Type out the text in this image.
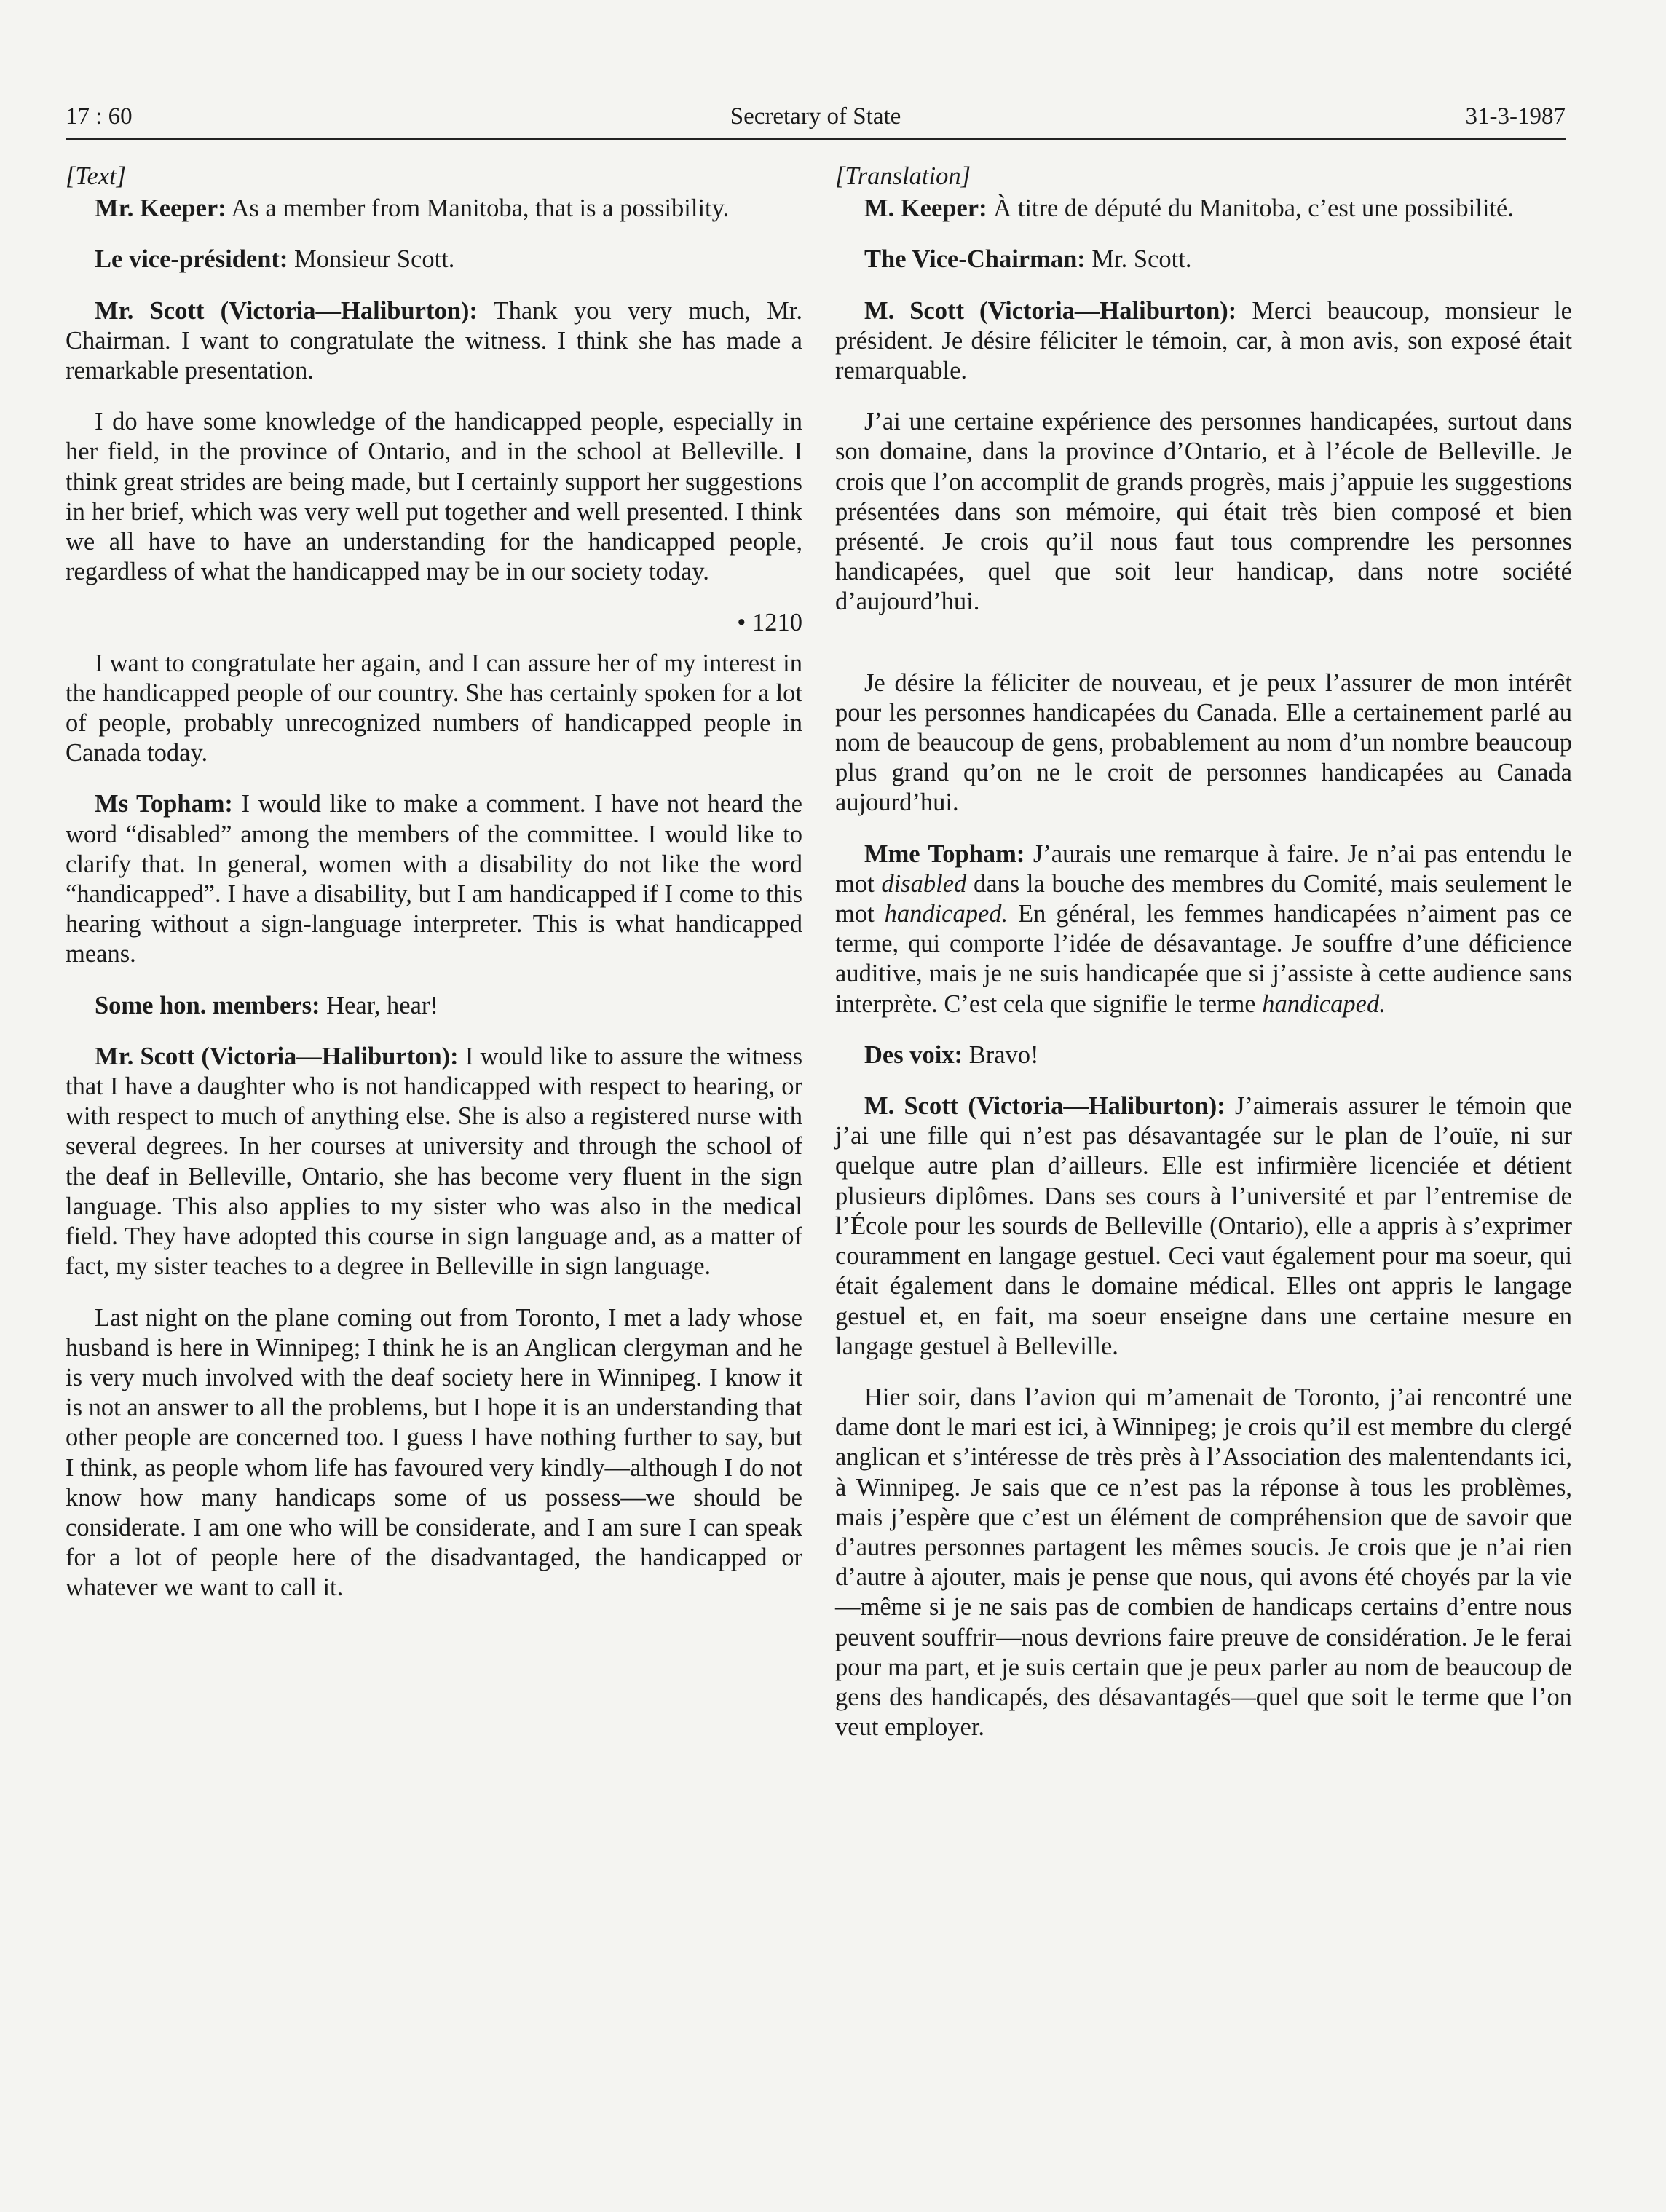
17 : 60	Secretary of State	31-3-1987

[Text]

Mr. Keeper: As a member from Manitoba, that is a possibility.

Le vice-président: Monsieur Scott.

Mr. Scott (Victoria—Haliburton): Thank you very much, Mr. Chairman. I want to congratulate the witness. I think she has made a remarkable presentation.

I do have some knowledge of the handicapped people, especially in her field, in the province of Ontario, and in the school at Belleville. I think great strides are being made, but I certainly support her suggestions in her brief, which was very well put together and well presented. I think we all have to have an understanding for the handicapped people, regardless of what the handicapped may be in our society today.

• 1210

I want to congratulate her again, and I can assure her of my interest in the handicapped people of our country. She has certainly spoken for a lot of people, probably unrecognized numbers of handicapped people in Canada today.

Ms Topham: I would like to make a comment. I have not heard the word “disabled” among the members of the committee. I would like to clarify that. In general, women with a disability do not like the word “handicapped”. I have a disability, but I am handicapped if I come to this hearing without a sign-language interpreter. This is what handicapped means.

Some hon. members: Hear, hear!

Mr. Scott (Victoria—Haliburton): I would like to assure the witness that I have a daughter who is not handicapped with respect to hearing, or with respect to much of anything else. She is also a registered nurse with several degrees. In her courses at university and through the school of the deaf in Belleville, Ontario, she has become very fluent in the sign language. This also applies to my sister who was also in the medical field. They have adopted this course in sign language and, as a matter of fact, my sister teaches to a degree in Belleville in sign language.

Last night on the plane coming out from Toronto, I met a lady whose husband is here in Winnipeg; I think he is an Anglican clergyman and he is very much involved with the deaf society here in Winnipeg. I know it is not an answer to all the problems, but I hope it is an understanding that other people are concerned too. I guess I have nothing further to say, but I think, as people whom life has favoured very kindly—although I do not know how many handicaps some of us possess—we should be considerate. I am one who will be considerate, and I am sure I can speak for a lot of people here of the disadvantaged, the handicapped or whatever we want to call it.

[Translation]

M. Keeper: À titre de député du Manitoba, c’est une possibilité.

The Vice-Chairman: Mr. Scott.

M. Scott (Victoria—Haliburton): Merci beaucoup, monsieur le président. Je désire féliciter le témoin, car, à mon avis, son exposé était remarquable.

J’ai une certaine expérience des personnes handicapées, surtout dans son domaine, dans la province d’Ontario, et à l’école de Belleville. Je crois que l’on accomplit de grands progrès, mais j’appuie les suggestions présentées dans son mémoire, qui était très bien composé et bien présenté. Je crois qu’il nous faut tous comprendre les personnes handicapées, quel que soit leur handicap, dans notre société d’aujourd’hui.

Je désire la féliciter de nouveau, et je peux l’assurer de mon intérêt pour les personnes handicapées du Canada. Elle a certainement parlé au nom de beaucoup de gens, probablement au nom d’un nombre beaucoup plus grand qu’on ne le croit de personnes handicapées au Canada aujourd’hui.

Mme Topham: J’aurais une remarque à faire. Je n’ai pas entendu le mot disabled dans la bouche des membres du Comité, mais seulement le mot handicaped. En général, les femmes handicapées n’aiment pas ce terme, qui comporte l’idée de désavantage. Je souffre d’une déficience auditive, mais je ne suis handicapée que si j’assiste à cette audience sans interprète. C’est cela que signifie le terme handicaped.

Des voix: Bravo!

M. Scott (Victoria—Haliburton): J’aimerais assurer le témoin que j’ai une fille qui n’est pas désavantagée sur le plan de l’ouïe, ni sur quelque autre plan d’ailleurs. Elle est infirmière licenciée et détient plusieurs diplômes. Dans ses cours à l’université et par l’entremise de l’École pour les sourds de Belleville (Ontario), elle a appris à s’exprimer couramment en langage gestuel. Ceci vaut également pour ma soeur, qui était également dans le domaine médical. Elles ont appris le langage gestuel et, en fait, ma soeur enseigne dans une certaine mesure en langage gestuel à Belleville.

Hier soir, dans l’avion qui m’amenait de Toronto, j’ai rencontré une dame dont le mari est ici, à Winnipeg; je crois qu’il est membre du clergé anglican et s’intéresse de très près à l’Association des malentendants ici, à Winnipeg. Je sais que ce n’est pas la réponse à tous les problèmes, mais j’espère que c’est un élément de compréhension que de savoir que d’autres personnes partagent les mêmes soucis. Je crois que je n’ai rien d’autre à ajouter, mais je pense que nous, qui avons été choyés par la vie—même si je ne sais pas de combien de handicaps certains d’entre nous peuvent souffrir—nous devrions faire preuve de considération. Je le ferai pour ma part, et je suis certain que je peux parler au nom de beaucoup de gens des handicapés, des désavantagés—quel que soit le terme que l’on veut employer.
